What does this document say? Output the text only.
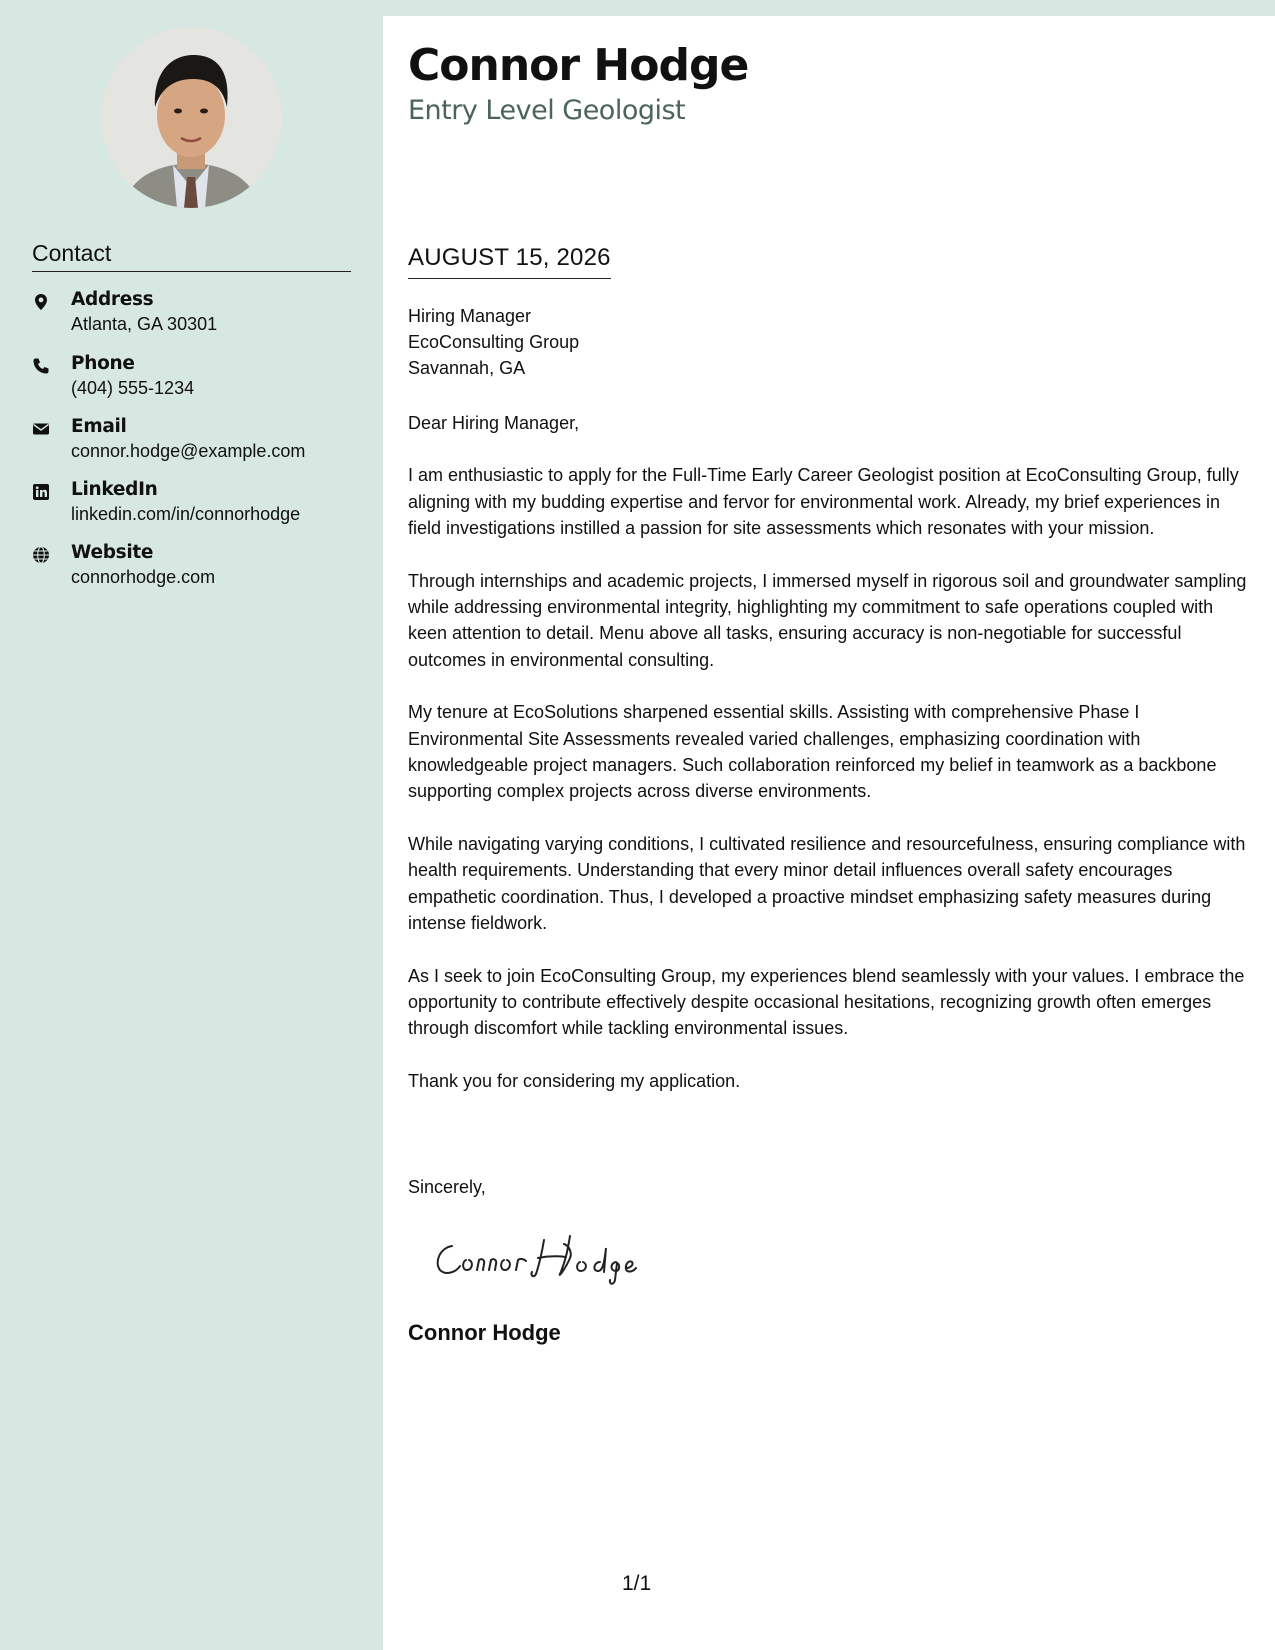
Contact
Address
Atlanta, GA 30301
Phone
(404) 555-1234
Email
connor.hodge@example.com
LinkedIn
linkedin.com/in/connorhodge
Website
connorhodge.com
Connor Hodge
Entry Level Geologist
AUGUST 15, 2026
Hiring Manager
EcoConsulting Group
Savannah, GA

Dear Hiring Manager,

I am enthusiastic to apply for the Full-Time Early Career Geologist position at EcoConsulting Group, fully aligning with my budding expertise and fervor for environmental work. Already, my brief experiences in field investigations instilled a passion for site assessments which resonates with your mission.

Through internships and academic projects, I immersed myself in rigorous soil and groundwater sampling while addressing environmental integrity, highlighting my commitment to safe operations coupled with keen attention to detail. Menu above all tasks, ensuring accuracy is non-negotiable for successful outcomes in environmental consulting.

My tenure at EcoSolutions sharpened essential skills. Assisting with comprehensive Phase I Environmental Site Assessments revealed varied challenges, emphasizing coordination with knowledgeable project managers. Such collaboration reinforced my belief in teamwork as a backbone supporting complex projects across diverse environments.

While navigating varying conditions, I cultivated resilience and resourcefulness, ensuring compliance with health requirements. Understanding that every minor detail influences overall safety encourages empathetic coordination. Thus, I developed a proactive mindset emphasizing safety measures during intense fieldwork.

As I seek to join EcoConsulting Group, my experiences blend seamlessly with your values. I embrace the opportunity to contribute effectively despite occasional hesitations, recognizing growth often emerges through discomfort while tackling environmental issues.

Thank you for considering my application.

Sincerely,
Connor Hodge
1/1
